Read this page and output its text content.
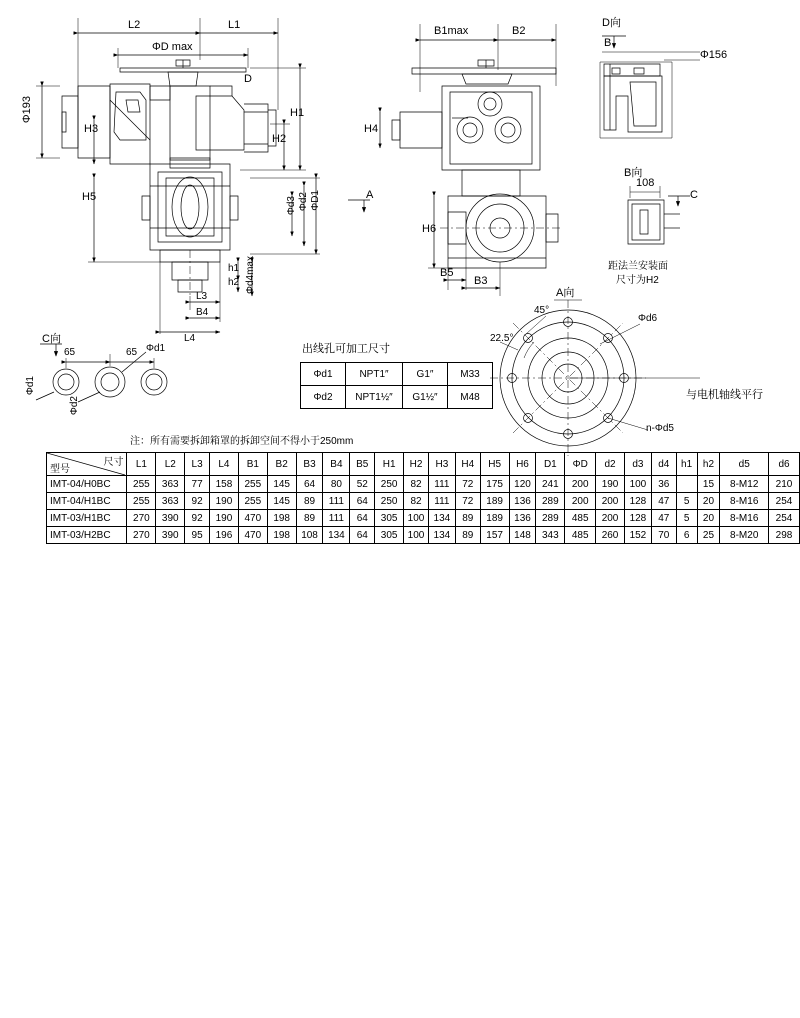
L2	L1
ΦD max
Φ193
H3
H5
H1
H2
D
Φd3 Φd2 ΦD1
Φd4max
h1
h2
L3
B4
L4
A
B1max	B2
H4
H6
B5
B3
D向
B
Φ156
B向
108
C
距法兰安装面
尺寸为H2
C向
65	65 Φd1
Φd1
Φd2
A向
45°
22.5°
Φd6
n-Φd5
与电机轴线平行
出线孔可加工尺寸
Φd1	NPT1″	G1″	M33
Φd2	NPT1½″	G1½″	M48
注：所有需要拆卸箱罩的拆卸空间不得小于250mm
尺寸
型号	L1	L2	L3	L4	B1	B2	B3	B4	B5	H1	H2	H3	H4	H5	H6	D1	ΦD	d2	d3	d4	h1	h2	d5	d6
IMT-04/H0BC	255	363	77	158	255	145	64	80	52	250	82	111	72	175	120	241	200	190	100	36		15	8-M12	210
IMT-04/H1BC	255	363	92	190	255	145	89	111	64	250	82	111	72	189	136	289	200	200	128	47	5	20	8-M16	254
IMT-03/H1BC	270	390	92	190	470	198	89	111	64	305	100	134	89	189	136	289	485	200	128	47	5	20	8-M16	254
IMT-03/H2BC	270	390	95	196	470	198	108	134	64	305	100	134	89	157	148	343	485	260	152	70	6	25	8-M20	298
